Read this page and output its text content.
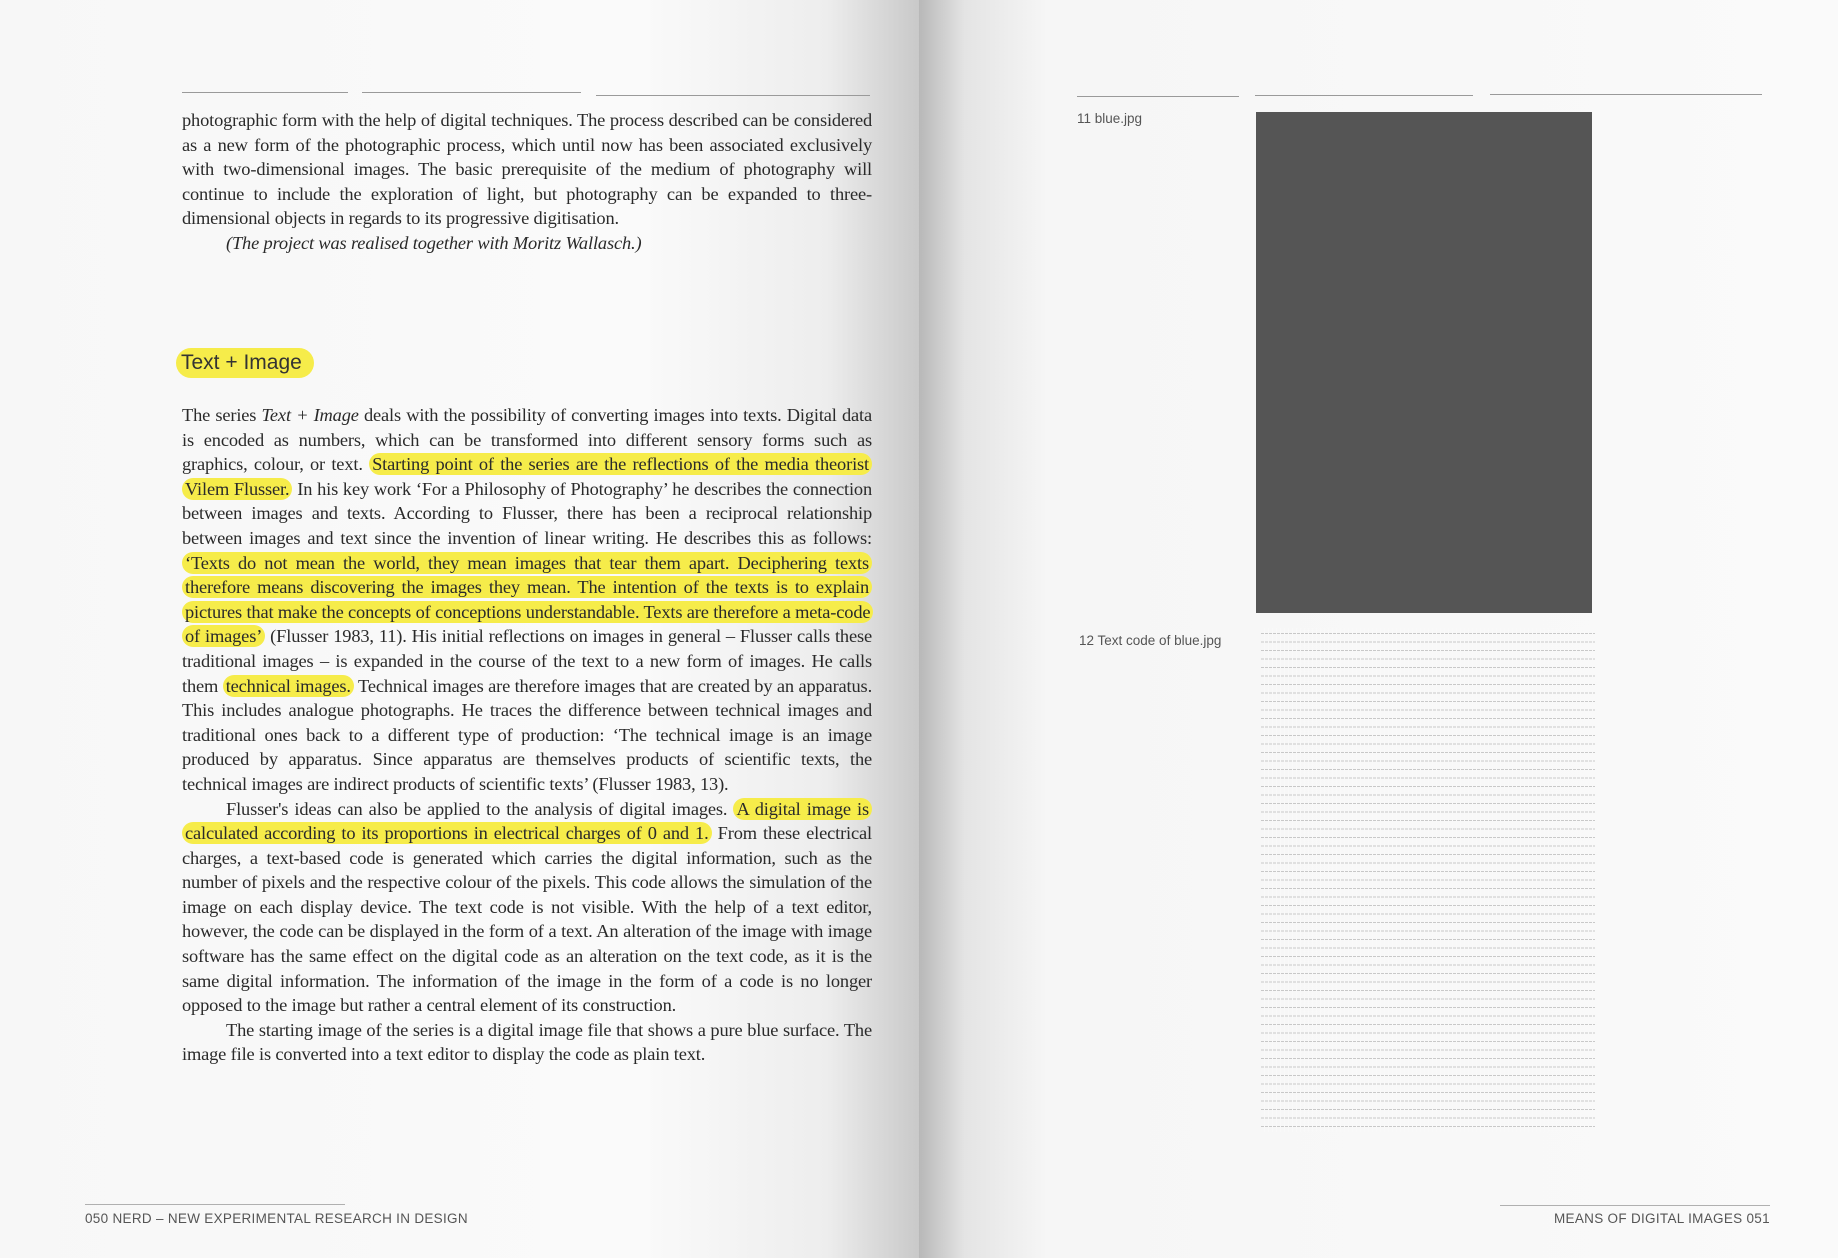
photographic form with the help of digital techniques. The process described can be considered as a new form of the photographic process, which until now has been associated exclusively with two-dimensional images. The basic prerequisite of the medium of photography will continue to include the exploration of light, but photography can be expanded to three-dimensional objects in regards to its progressive digitisation.

(The project was realised together with Moritz Wallasch.)

Text + Image

The series Text + Image deals with the possibility of converting images into texts. Digital data is encoded as numbers, which can be transformed into different sensory forms such as graphics, colour, or text. Starting point of the series are the reflections of the media theorist Vilem Flusser. In his key work ‘For a Philosophy of Photography’ he describes the connection between images and texts. According to Flusser, there has been a reciprocal relationship between images and text since the invention of linear writing. He describes this as follows: ‘Texts do not mean the world, they mean images that tear them apart. Deciphering texts therefore means discovering the images they mean. The intention of the texts is to explain pictures that make the concepts of conceptions understandable. Texts are therefore a meta-code of images’ (Flusser 1983, 11). His initial reflections on images in general – Flusser calls these traditional images – is expanded in the course of the text to a new form of images. He calls them technical images. Technical images are therefore images that are created by an apparatus. This includes analogue photographs. He traces the difference between technical images and traditional ones back to a different type of production: ‘The technical image is an image produced by apparatus. Since apparatus are themselves products of scientific texts, the technical images are indirect products of scientific texts’ (Flusser 1983, 13).

Flusser's ideas can also be applied to the analysis of digital images. A digital image is calculated according to its proportions in electrical charges of 0 and 1. From these electrical charges, a text-based code is generated which carries the digital information, such as the number of pixels and the respective colour of the pixels. This code allows the simulation of the image on each display device. The text code is not visible. With the help of a text editor, however, the code can be displayed in the form of a text. An alteration of the image with image software has the same effect on the digital code as an alteration on the text code, as it is the same digital information. The information of the image in the form of a code is no longer opposed to the image but rather a central element of its construction.

The starting image of the series is a digital image file that shows a pure blue surface. The image file is converted into a text editor to display the code as plain text.

050 NERD – NEW EXPERIMENTAL RESEARCH IN DESIGN
11 blue.jpg
12 Text code of blue.jpg
MEANS OF DIGITAL IMAGES 051
